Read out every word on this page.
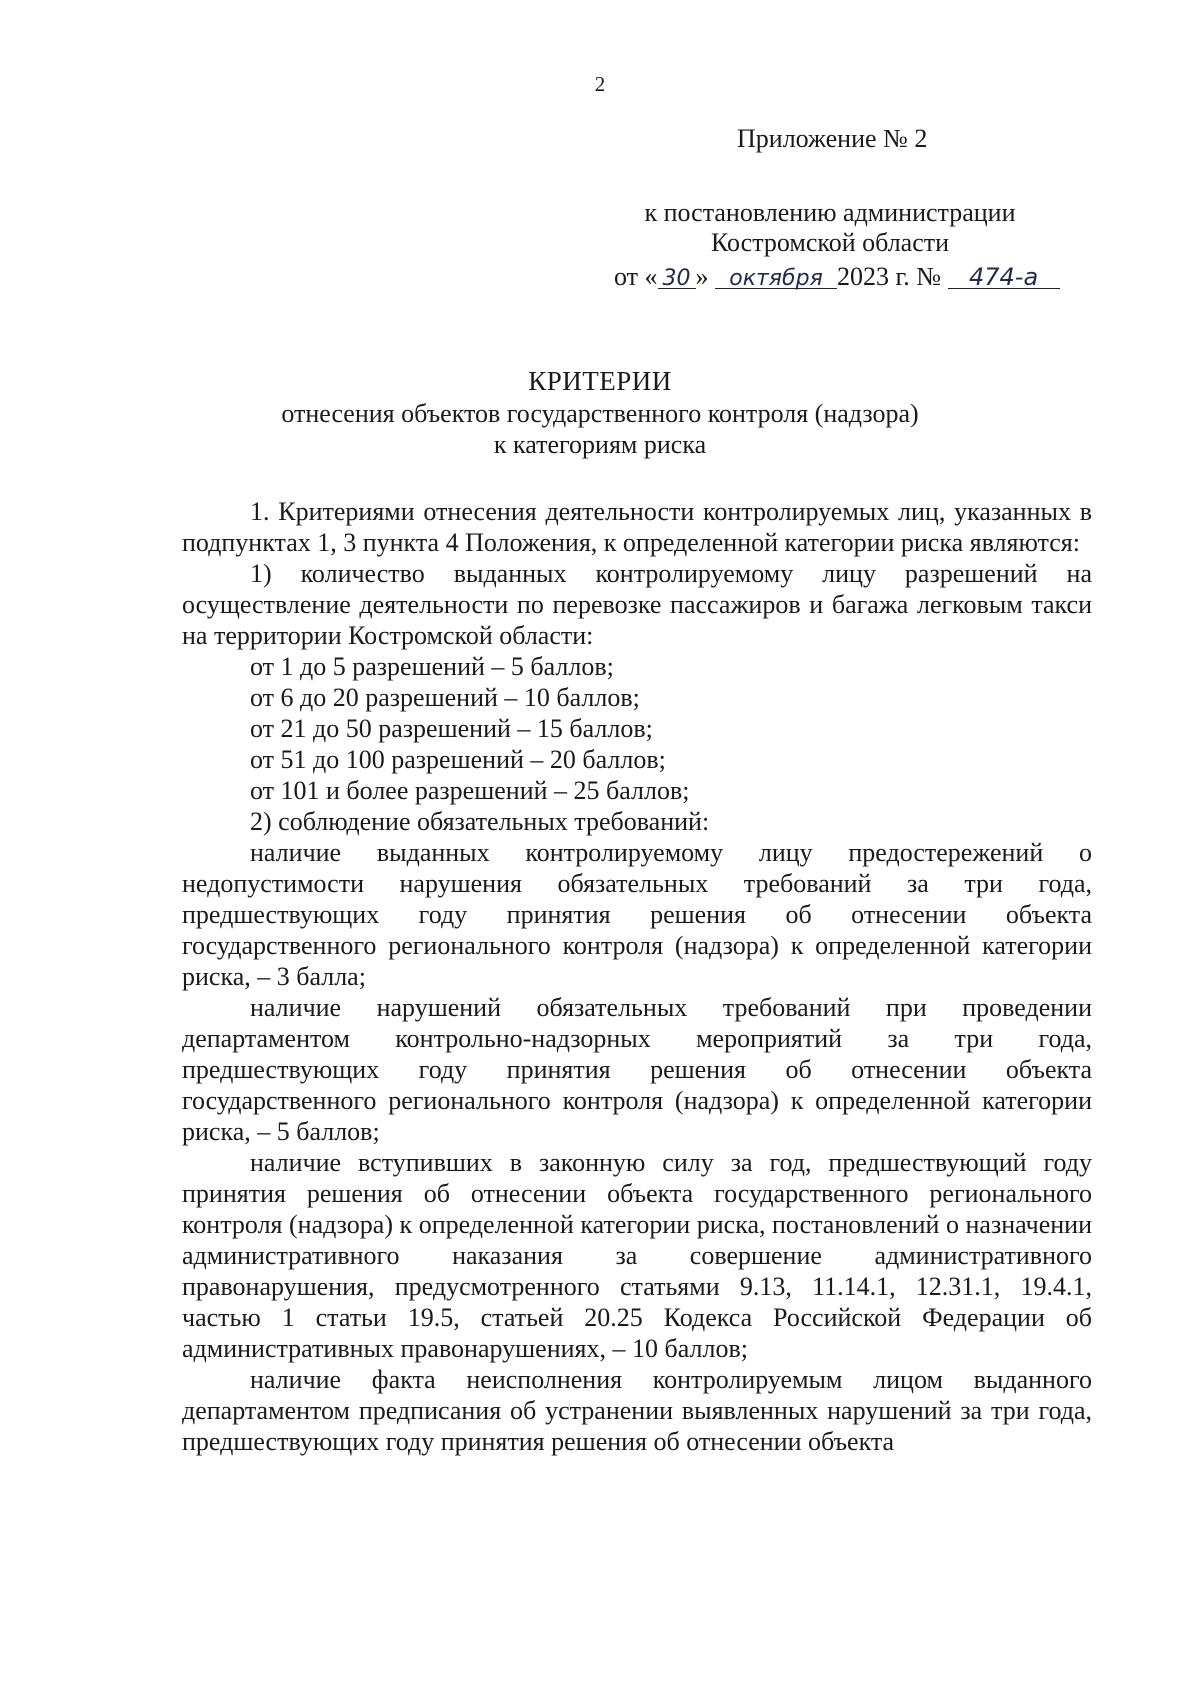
2
Приложение № 2
к постановлению администрации
Костромской области
от « 30 » октября 2023 г. № 474-а
КРИТЕРИИ
отнесения объектов государственного контроля (надзора)
к категориям риска

1. Критериями отнесения деятельности контролируемых лиц, указанных в подпунктах 1, 3 пункта 4 Положения, к определенной категории риска являются:

1) количество выданных контролируемому лицу разрешений на осуществление деятельности по перевозке пассажиров и багажа легковым такси на территории Костромской области:

от 1 до 5 разрешений – 5 баллов;

от 6 до 20 разрешений – 10 баллов;

от 21 до 50 разрешений – 15 баллов;

от 51 до 100 разрешений – 20 баллов;

от 101 и более разрешений – 25 баллов;

2) соблюдение обязательных требований:

наличие выданных контролируемому лицу предостережений о недопустимости нарушения обязательных требований за три года, предшествующих году принятия решения об отнесении объекта государственного регионального контроля (надзора) к определенной категории риска, – 3 балла;

наличие нарушений обязательных требований при проведении департаментом контрольно-надзорных мероприятий за три года, предшествующих году принятия решения об отнесении объекта государственного регионального контроля (надзора) к определенной категории риска, – 5 баллов;

наличие вступивших в законную силу за год, предшествующий году принятия решения об отнесении объекта государственного регионального контроля (надзора) к определенной категории риска, постановлений о назначении административного наказания за совершение административного правонарушения, предусмотренного статьями 9.13, 11.14.1, 12.31.1, 19.4.1, частью 1 статьи 19.5, статьей 20.25 Кодекса Российской Федерации об административных правонарушениях, – 10 баллов;

наличие факта неисполнения контролируемым лицом выданного департаментом предписания об устранении выявленных нарушений за три года, предшествующих году принятия решения об отнесении объекта
